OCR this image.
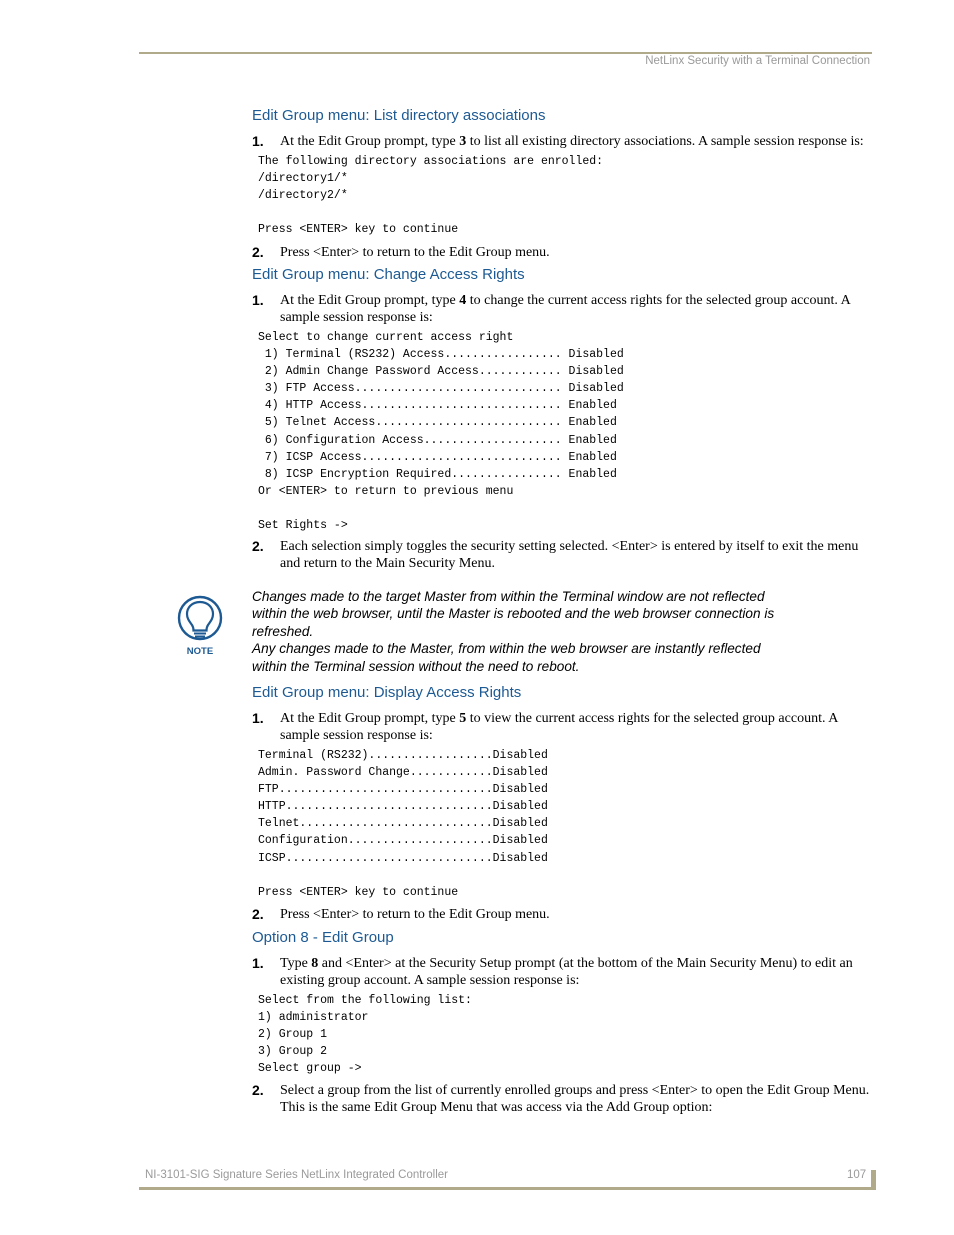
NetLinx Security with a Terminal Connection
Edit Group menu: List directory associations
1. At the Edit Group prompt, type 3 to list all existing directory associations. A sample session response is:
The following directory associations are enrolled:
/directory1/*
/directory2/*

Press <ENTER> key to continue
2. Press <Enter> to return to the Edit Group menu.
Edit Group menu: Change Access Rights
1. At the Edit Group prompt, type 4 to change the current access rights for the selected group account. A sample session response is:
Select to change current access right
1) Terminal (RS232) Access................. Disabled
2) Admin Change Password Access............ Disabled
3) FTP Access.............................. Disabled
4) HTTP Access............................. Enabled
5) Telnet Access........................... Enabled
6) Configuration Access.................... Enabled
7) ICSP Access............................. Enabled
8) ICSP Encryption Required................ Enabled
Or <ENTER> to return to previous menu

Set Rights ->
2. Each selection simply toggles the security setting selected. <Enter> is entered by itself to exit the menu and return to the Main Security Menu.
NOTE

Changes made to the target Master from within the Terminal window are not reflected within the web browser, until the Master is rebooted and the web browser connection is refreshed.

Any changes made to the Master, from within the web browser are instantly reflected within the Terminal session without the need to reboot.

Edit Group menu: Display Access Rights
1. At the Edit Group prompt, type 5 to view the current access rights for the selected group account. A sample session response is:
Terminal (RS232)..................Disabled
Admin. Password Change............Disabled
FTP...............................Disabled
HTTP..............................Disabled
Telnet............................Disabled
Configuration.....................Disabled
ICSP..............................Disabled

Press <ENTER> key to continue
2. Press <Enter> to return to the Edit Group menu.
Option 8 - Edit Group
1. Type 8 and <Enter> at the Security Setup prompt (at the bottom of the Main Security Menu) to edit an existing group account. A sample session response is:
Select from the following list:
1) administrator
2) Group 1
3) Group 2
Select group ->
2. Select a group from the list of currently enrolled groups and press <Enter> to open the Edit Group Menu. This is the same Edit Group Menu that was access via the Add Group option:
NI-3101-SIG Signature Series NetLinx Integrated Controller	107
